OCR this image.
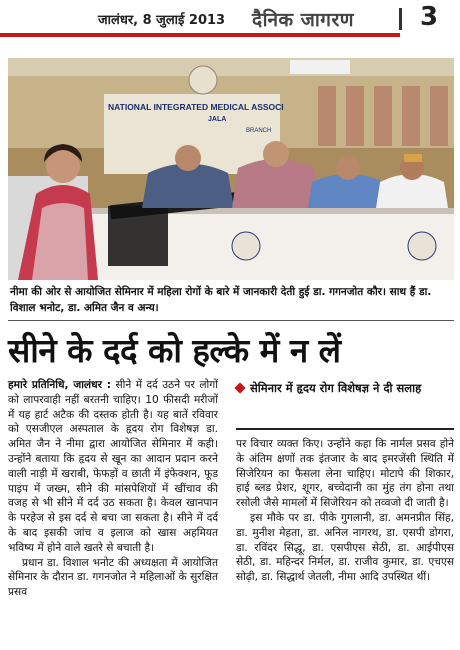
जालंधर, 8 जुलाई 2013 दैनिक जागरण	3
NATIONAL INTEGRATED MEDICAL ASSOCI
JALA
BRANCH
नीमा की ओर से आयोजित सेमिनार में महिला रोगों के बारे में जानकारी देती हुई डा. गगनजोत कौर। साथ हैं डा. विशाल भनोट, डा. अमित जैन व अन्य।
सीने के दर्द को हल्के में न लें
सेमिनार में हृदय रोग विशेषज्ञ ने दी सलाह

हमारे प्रतिनिधि, जालंधर : सीने में दर्द उठने पर लोगों को लापरवाही नहीं बरतनी चाहिए। 10 फीसदी मरीजों में यह हार्ट अटैक की दस्तक होती है। यह बातें रविवार को एसजीएल अस्पताल के हृदय रोग विशेषज्ञ डा. अमित जैन ने नीमा द्वारा आयोजित सेमिनार में कही। उन्होंने बताया कि हृदय से खून का आदान प्रदान करने वाली नाड़ी में खराबी, फेफड़ों व छाती में इंफेक्शन, फूड पाइप में जख्म, सीने की मांसपेशियों में खींचाव की वजह से भी सीने में दर्द उठ सकता है। केवल खानपान के परहेज से इस दर्द से बचा जा सकता है। सीने में दर्द के बाद इसकी जांच व इलाज को खास अहमियत भविष्य में होने वाले खतरे से बचाती है।

प्रधान डा. विशाल भनोट की अध्यक्षता में आयोजित सेमिनार के दौरान डा. गगनजोत ने महिलाओं के सुरक्षित प्रसव

पर विचार व्यक्त किए। उन्होंने कहा कि नार्मल प्रसव होने के अंतिम क्षणों तक इंतजार के बाद इमरजेंसी स्थिति में सिजेरियन का फैसला लेना चाहिए। मोटापे की शिकार, हाई ब्लड प्रेशर, शूगर, बच्चेदानी का मुंह तंग होना तथा रसोली जैसे मामलों में सिजेरियन को तव्वजो दी जाती है।

इस मौके पर डा. पीके गुगलानी, डा. अमनप्रीत सिंह, डा. मुनीश मेहता, डा. अनिल नागरथ, डा. एसपी डोगरा, डा. रविंदर सिद्धू, डा. एसपीएस सेठी, डा. आईपीएस सेठी, डा. महिन्दर निर्मल, डा. राजीव कुमार, डा. एचएस सोढ़ी, डा. सिद्धार्थ जेतली, नीमा आदि उपस्थित थीं।
